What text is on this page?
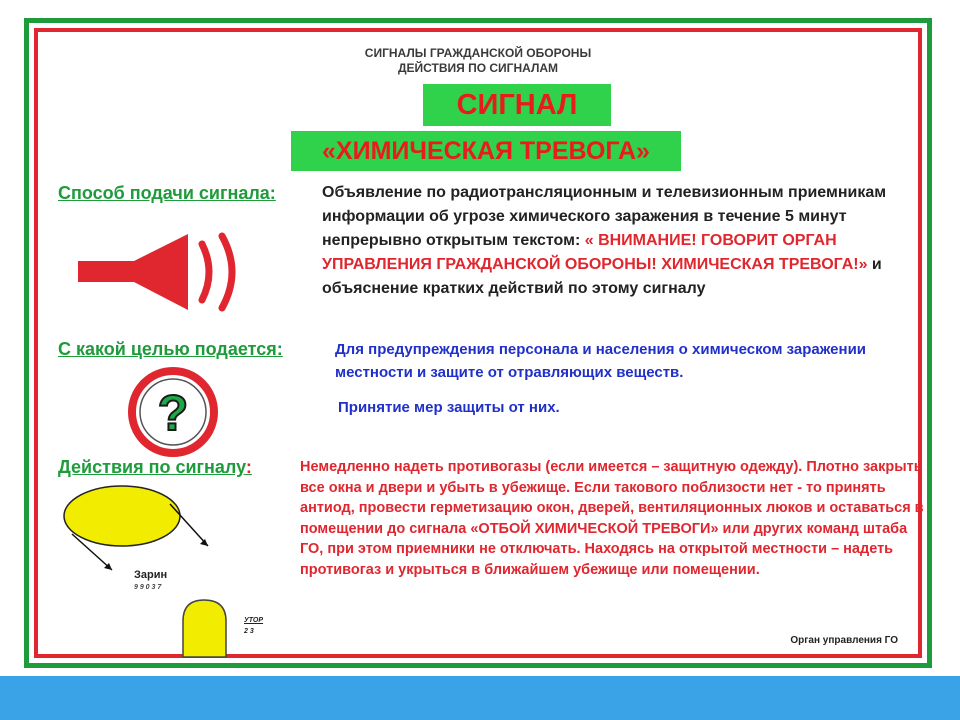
СИГНАЛЫ ГРАЖДАНСКОЙ ОБОРОНЫ
ДЕЙСТВИЯ ПО СИГНАЛАМ
СИГНАЛ
«ХИМИЧЕСКАЯ ТРЕВОГА»
Способ подачи сигнала:	Объявление по радиотрансляционным и телевизионным приемникам информации об угрозе химического заражения в течение 5 минут непрерывно открытым текстом: « ВНИМАНИЕ! ГОВОРИТ ОРГАН УПРАВЛЕНИЯ ГРАЖДАНСКОЙ ОБОРОНЫ! ХИМИЧЕСКАЯ ТРЕВОГА!» и объяснение кратких действий по этому сигналу
С какой целью подается:	Для предупреждения персонала и населения о химическом заражении местности и защите от отравляющих веществ.
Принятие мер защиты от них.
?
Действия по сигналу:	Немедленно надеть противогазы (если имеется – защитную одежду). Плотно закрыть все окна и двери и убыть в убежище. Если такового поблизости нет - то принять антиод, провести герметизацию окон, дверей, вентиляционных люков и оставаться в помещении до сигнала «ОТБОЙ ХИМИЧЕСКОЙ ТРЕВОГИ» или других команд штаба ГО, при этом приемники не отключать. Находясь на открытой местности – надеть противогаз и укрыться в ближайшем убежище или помещении.
Зарин
9 9 0 3 7
УТОР
2 3
Орган управления ГО
